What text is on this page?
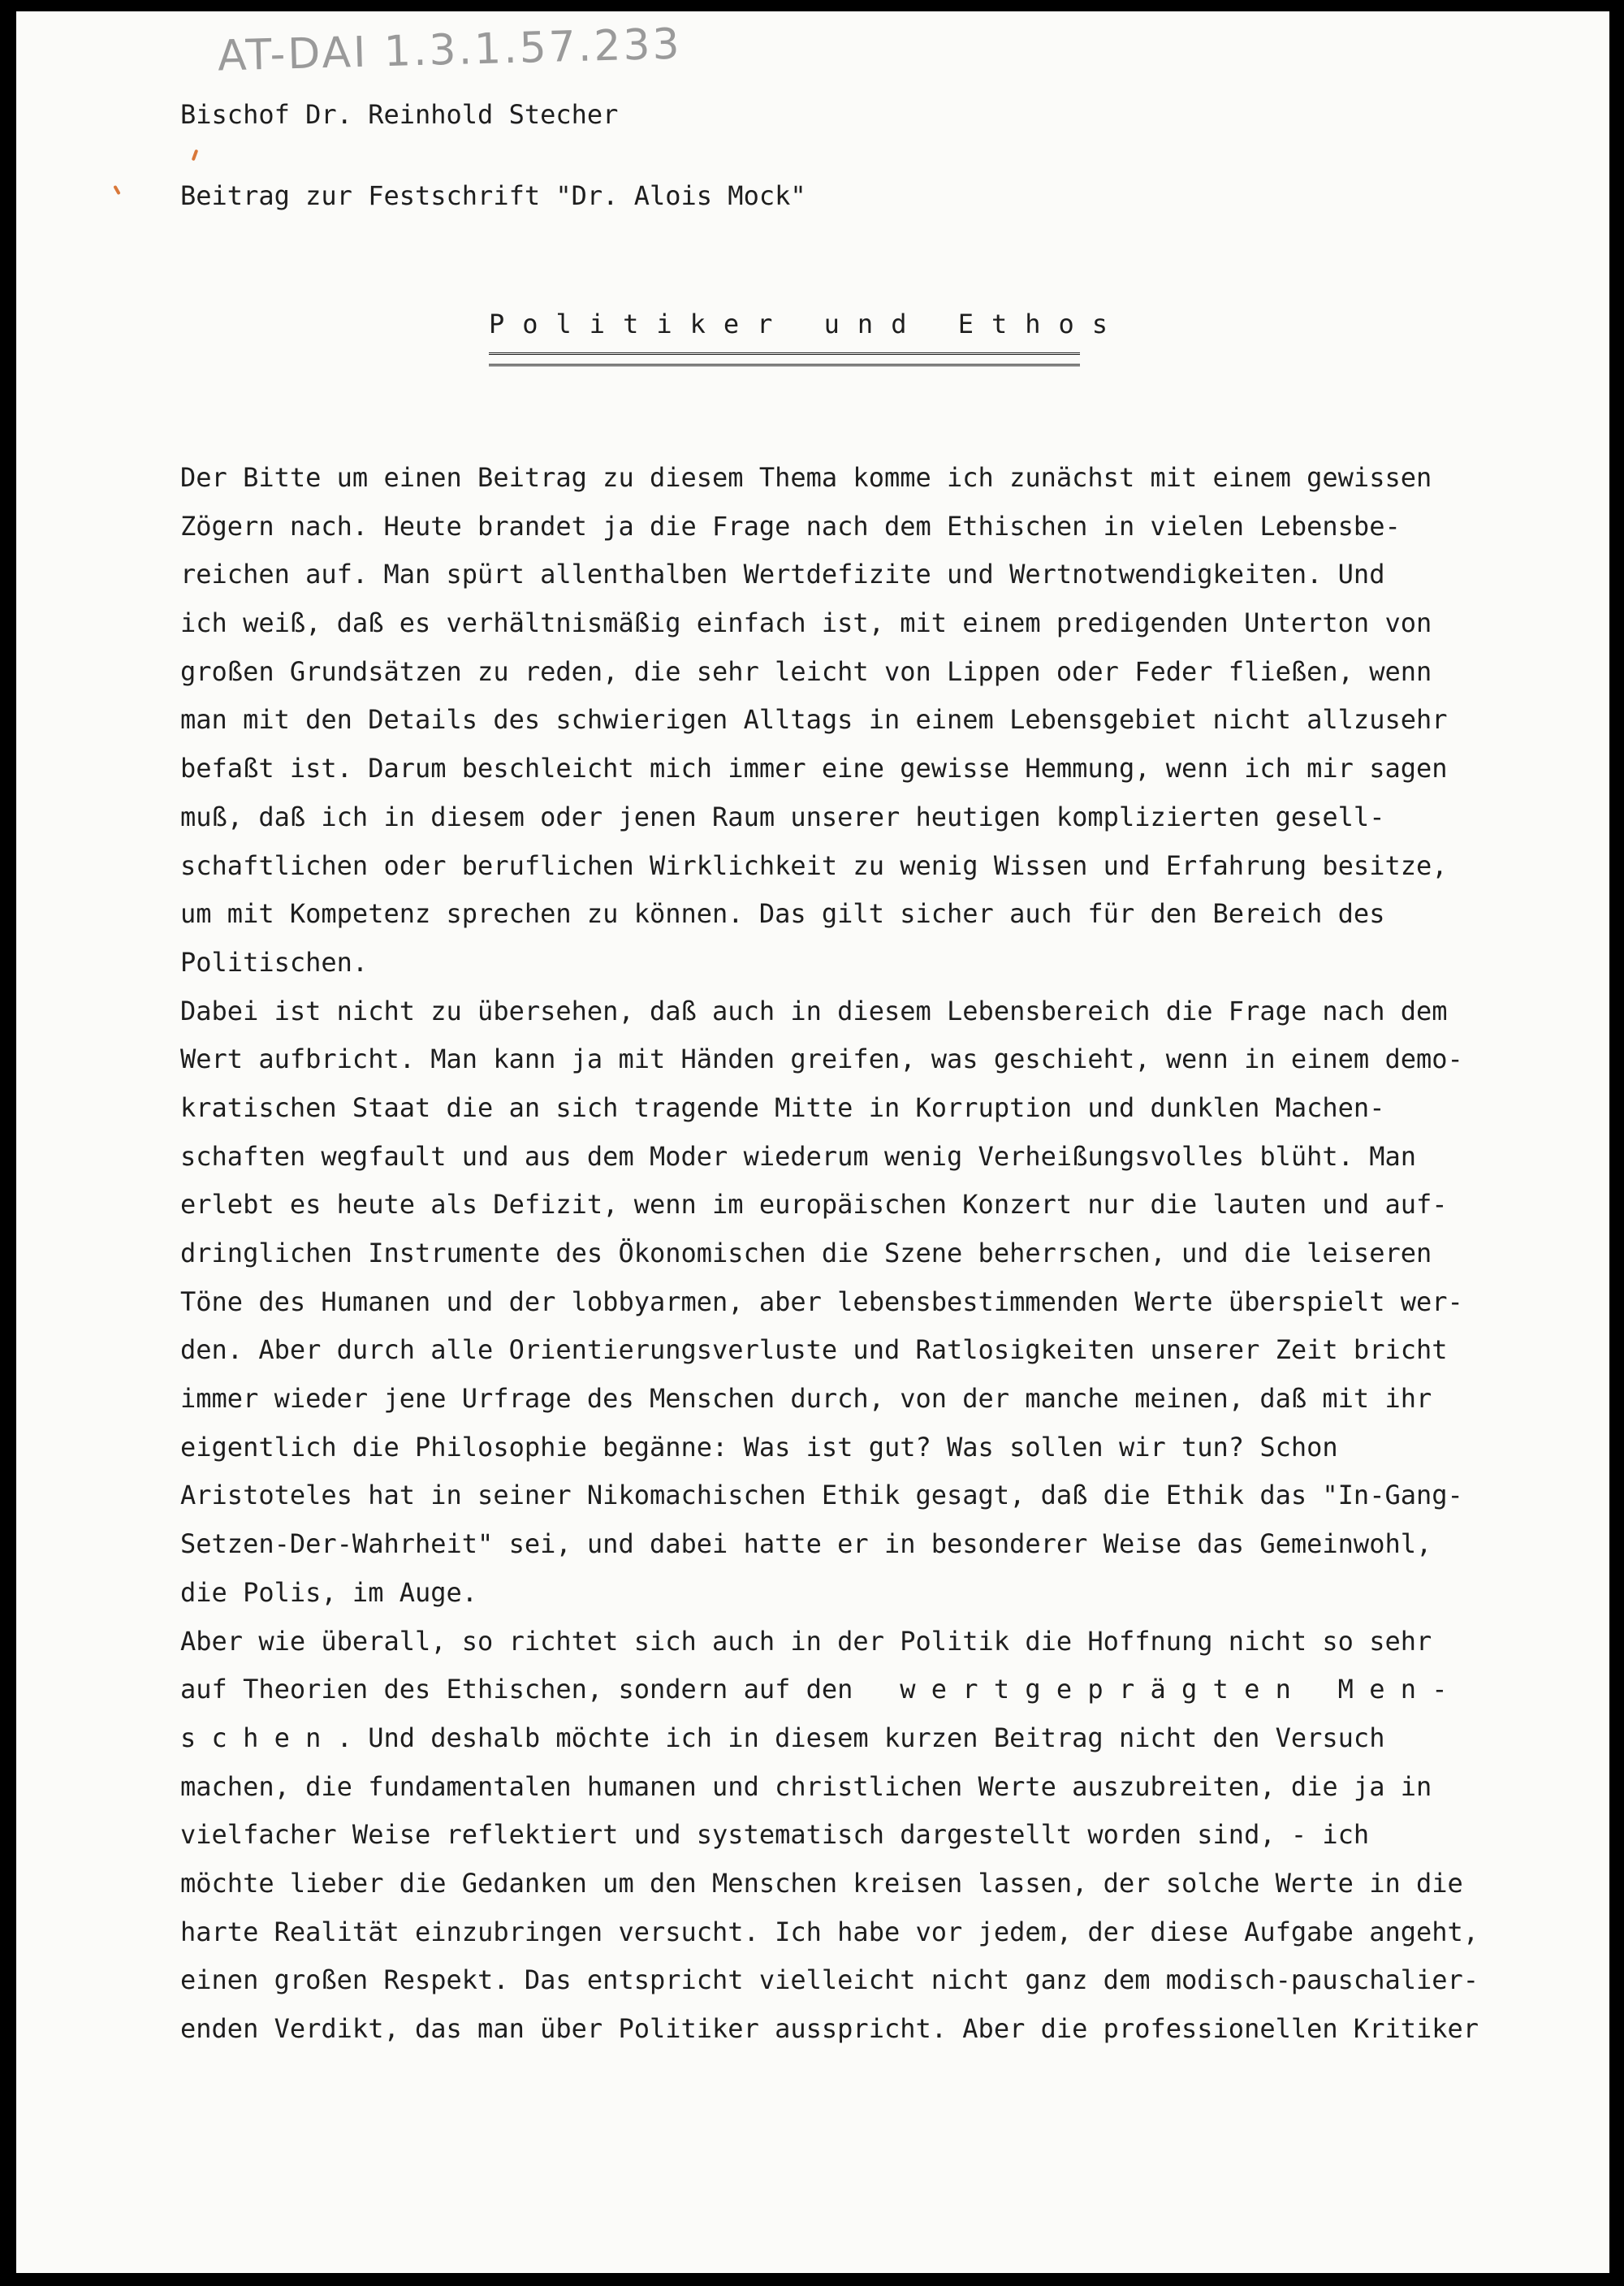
AT-DAI 1.3.1.57.233
Bischof Dr. Reinhold Stecher
Beitrag zur Festschrift "Dr. Alois Mock"
Politiker und Ethos
Der Bitte um einen Beitrag zu diesem Thema komme ich zunächst mit einem gewissen
Zögern nach. Heute brandet ja die Frage nach dem Ethischen in vielen Lebensbe-
reichen auf. Man spürt allenthalben Wertdefizite und Wertnotwendigkeiten. Und
ich weiß, daß es verhältnismäßig einfach ist, mit einem predigenden Unterton von
großen Grundsätzen zu reden, die sehr leicht von Lippen oder Feder fließen, wenn
man mit den Details des schwierigen Alltags in einem Lebensgebiet nicht allzusehr
befaßt ist. Darum beschleicht mich immer eine gewisse Hemmung, wenn ich mir sagen
muß, daß ich in diesem oder jenen Raum unserer heutigen komplizierten gesell-
schaftlichen oder beruflichen Wirklichkeit zu wenig Wissen und Erfahrung besitze,
um mit Kompetenz sprechen zu können. Das gilt sicher auch für den Bereich des
Politischen.
Dabei ist nicht zu übersehen, daß auch in diesem Lebensbereich die Frage nach dem
Wert aufbricht. Man kann ja mit Händen greifen, was geschieht, wenn in einem demo-
kratischen Staat die an sich tragende Mitte in Korruption und dunklen Machen-
schaften wegfault und aus dem Moder wiederum wenig Verheißungsvolles blüht. Man
erlebt es heute als Defizit, wenn im europäischen Konzert nur die lauten und auf-
dringlichen Instrumente des Ökonomischen die Szene beherrschen, und die leiseren
Töne des Humanen und der lobbyarmen, aber lebensbestimmenden Werte überspielt wer-
den. Aber durch alle Orientierungsverluste und Ratlosigkeiten unserer Zeit bricht
immer wieder jene Urfrage des Menschen durch, von der manche meinen, daß mit ihr
eigentlich die Philosophie begänne: Was ist gut? Was sollen wir tun? Schon
Aristoteles hat in seiner Nikomachischen Ethik gesagt, daß die Ethik das "In-Gang-
Setzen-Der-Wahrheit" sei, und dabei hatte er in besonderer Weise das Gemeinwohl,
die Polis, im Auge.
Aber wie überall, so richtet sich auch in der Politik die Hoffnung nicht so sehr
auf Theorien des Ethischen, sondern auf den   w e r t g e p r ä g t e n   M e n -
s c h e n . Und deshalb möchte ich in diesem kurzen Beitrag nicht den Versuch
machen, die fundamentalen humanen und christlichen Werte auszubreiten, die ja in
vielfacher Weise reflektiert und systematisch dargestellt worden sind, - ich
möchte lieber die Gedanken um den Menschen kreisen lassen, der solche Werte in die
harte Realität einzubringen versucht. Ich habe vor jedem, der diese Aufgabe angeht,
einen großen Respekt. Das entspricht vielleicht nicht ganz dem modisch-pauschalier-
enden Verdikt, das man über Politiker ausspricht. Aber die professionellen Kritiker
